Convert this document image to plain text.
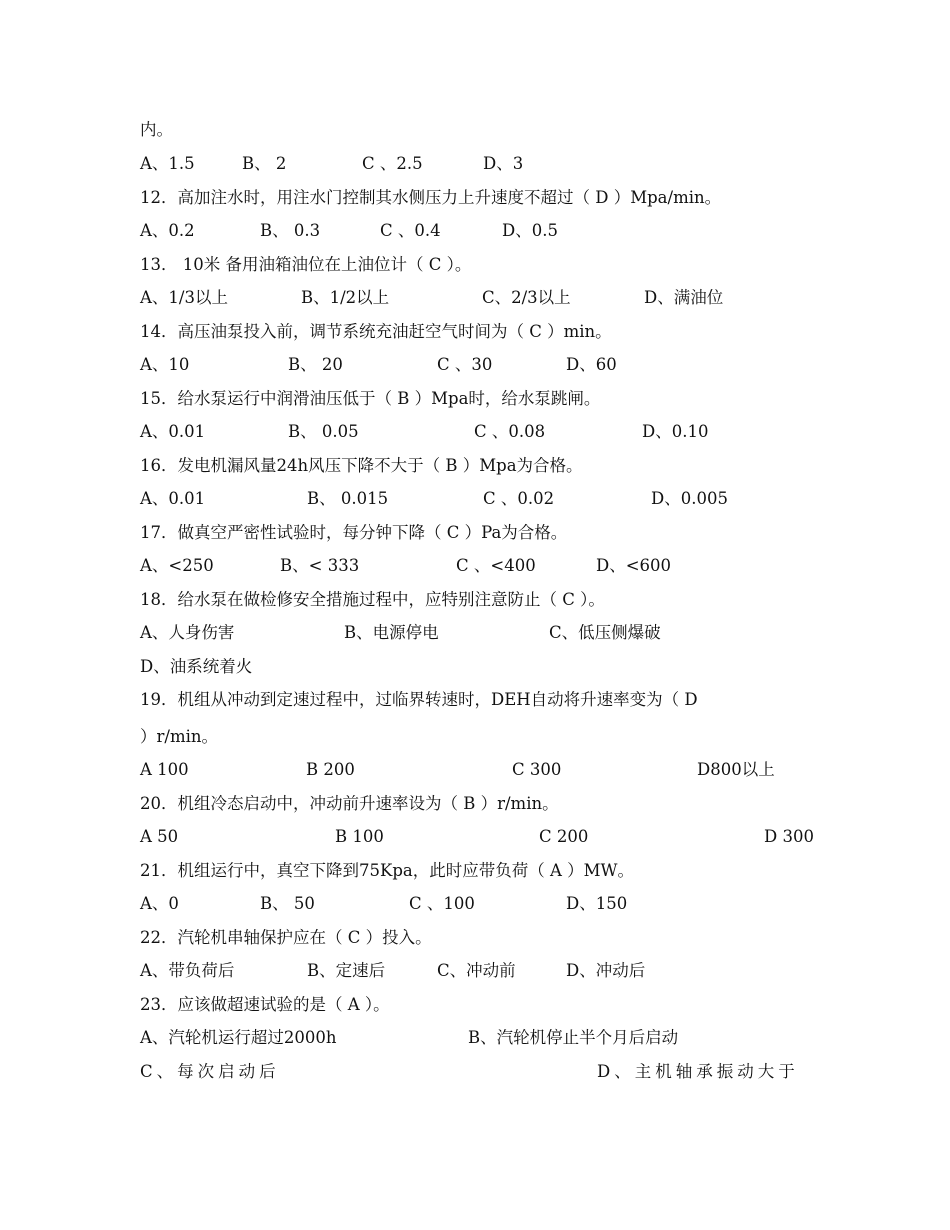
内。
A、1.5	B、 2	C 、2.5	D、3
12．高加注水时，用注水门控制其水侧压力上升速度不超过（ D ）Mpa/min。
A、0.2	B、 0.3	C 、0.4	D、0.5
13． 10米 备用油箱油位在上油位计（ C ）。
A、1/3以上	B、1/2以上	C、2/3以上	D、满油位
14．高压油泵投入前，调节系统充油赶空气时间为（ C ）min。
A、10	B、 20	C 、30	D、60
15．给水泵运行中润滑油压低于（ B ）Mpa时，给水泵跳闸。
A、0.01	B、 0.05	C 、0.08	D、0.10
16．发电机漏风量24h风压下降不大于（ B ）Mpa为合格。
A、0.01	B、 0.015	C 、0.02	D、0.005
17．做真空严密性试验时，每分钟下降（ C ）Pa为合格。
A、<250	B、< 333	C 、<400	D、<600
18．给水泵在做检修安全措施过程中，应特别注意防止（ C ）。
A、人身伤害	B、电源停电	C、低压侧爆破
D、油系统着火
19．机组从冲动到定速过程中，过临界转速时，DEH自动将升速率变为（ D
）r/min。
A 100	B 200	C 300	D800以上
20．机组冷态启动中，冲动前升速率设为（ B ）r/min。
A 50	B 100	C 200	D 300
21．机组运行中，真空下降到75Kpa，此时应带负荷（ A ）MW。
A、0	B、 50	C 、100	D、150
22．汽轮机串轴保护应在（ C ）投入。
A、带负荷后	B、定速后	C、冲动前	D、冲动后
23．应该做超速试验的是（ A ）。
A、汽轮机运行超过2000h	B、汽轮机停止半个月后启动
C、每次启动后	D、主机轴承振动大于
